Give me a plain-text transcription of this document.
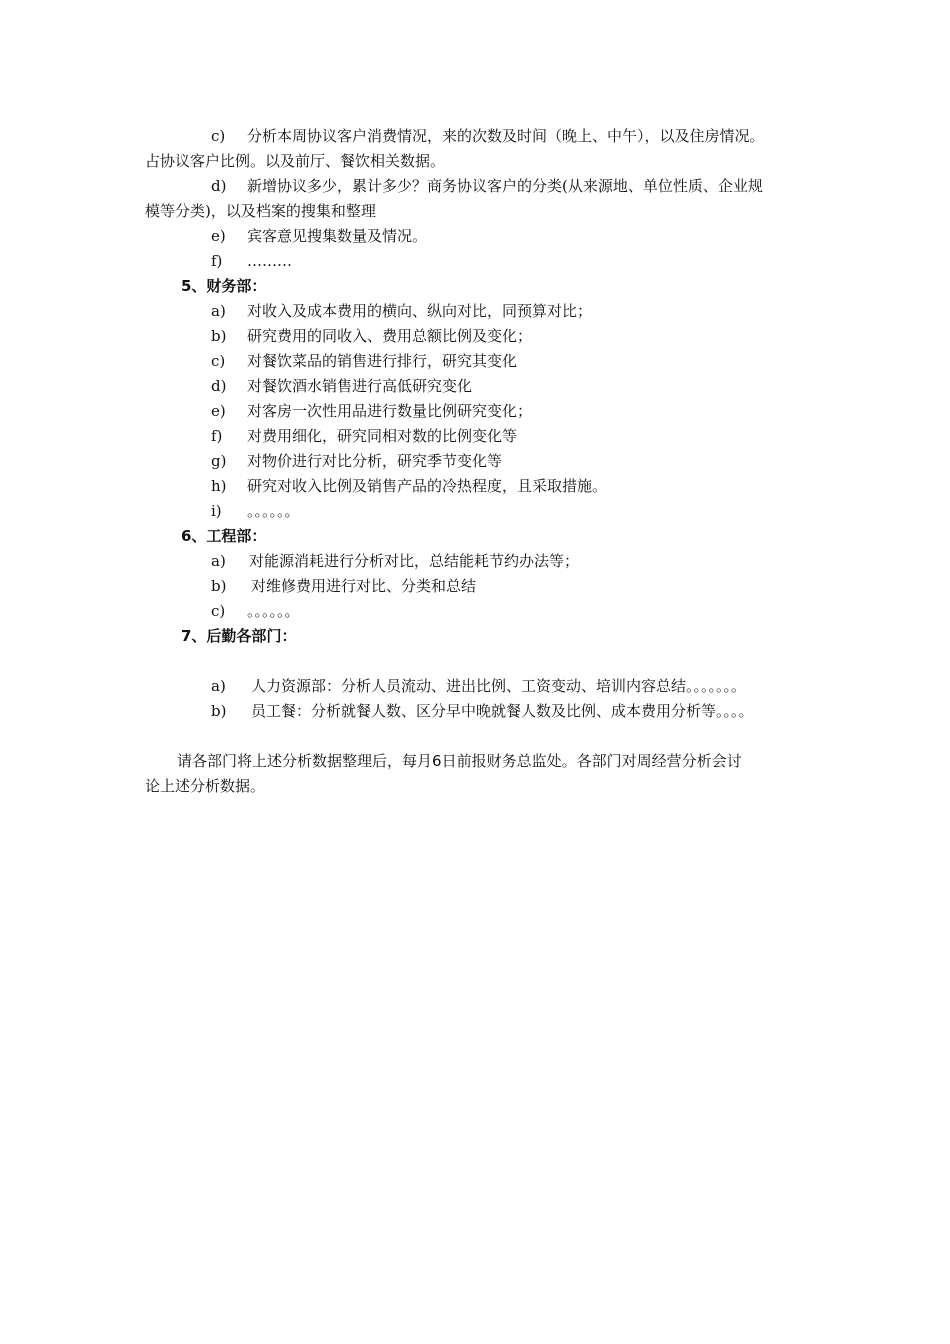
c) 分析本周协议客户消费情况，来的次数及时间（晚上、中午），以及住房情况。
占协议客户比例。以及前厅、餐饮相关数据。
d) 新增协议多少，累计多少？商务协议客户的分类(从来源地、单位性质、企业规
模等分类)，以及档案的搜集和整理
e) 宾客意见搜集数量及情况。
f) ………
5、财务部：
a) 对收入及成本费用的横向、纵向对比，同预算对比；
b) 研究费用的同收入、费用总额比例及变化；
c) 对餐饮菜品的销售进行排行，研究其变化
d) 对餐饮酒水销售进行高低研究变化
e) 对客房一次性用品进行数量比例研究变化；
f) 对费用细化，研究同相对数的比例变化等
g) 对物价进行对比分析，研究季节变化等
h) 研究对收入比例及销售产品的冷热程度，且采取措施。
i) 。。。。。。
6、工程部：
a) 对能源消耗进行分析对比，总结能耗节约办法等；
b) 对维修费用进行对比、分类和总结
c) 。。。。。。
7、后勤各部门：
a) 人力资源部：分析人员流动、进出比例、工资变动、培训内容总结。。。。。。。
b) 员工餐：分析就餐人数、区分早中晚就餐人数及比例、成本费用分析等。。。。
请各部门将上述分析数据整理后，每月6日前报财务总监处。各部门对周经营分析会讨
论上述分析数据。
